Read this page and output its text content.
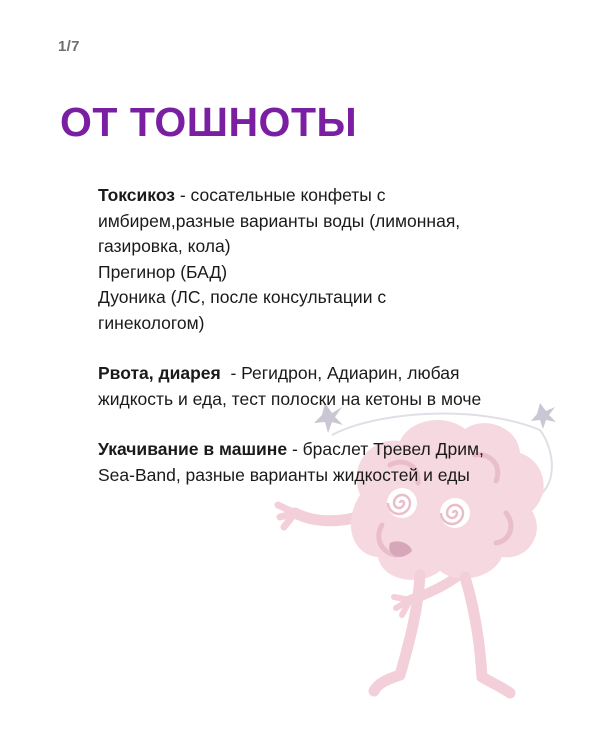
1/7
ОТ ТОШНОТЫ
Токсикоз - сосательные конфеты с
имбирем,разные варианты воды (лимонная,
газировка, кола)
Прегинор (БАД)
Дуоника (ЛС, после консультации с
гинекологом)
Рвота, диарея  - Регидрон, Адиарин, любая
жидкость и еда, тест полоски на кетоны в моче
Укачивание в машине - браслет Тревел Дрим,
Sea-Band, разные варианты жидкостей и еды
